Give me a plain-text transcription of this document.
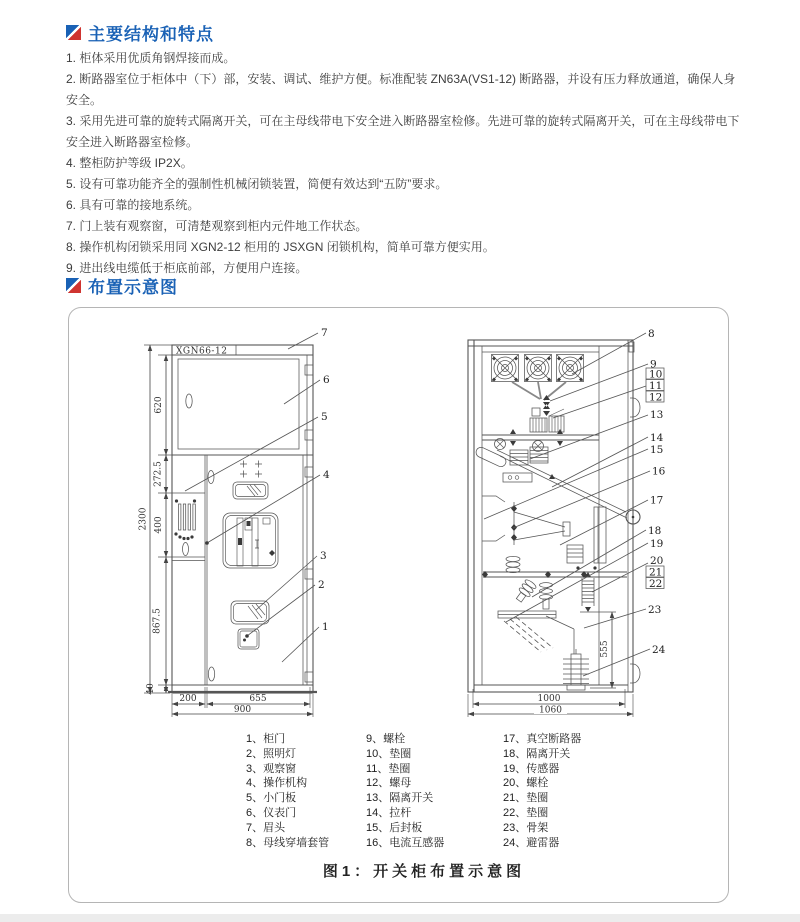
主要结构和特点
1. 柜体采用优质角钢焊接而成。
2. 断路器室位于柜体中（下）部，安装、调试、维护方便。标准配装 ZN63A(VS1-12) 断路器，并设有压力释放通道，确保人身安全。
3. 采用先进可靠的旋转式隔离开关，可在主母线带电下安全进入断路器室检修。先进可靠的旋转式隔离开关，可在主母线带电下安全进入断路器室检修。
4. 整柜防护等级 IP2X。
5. 设有可靠功能齐全的强制性机械闭锁装置，简便有效达到“五防”要求。
6. 具有可靠的接地系统。
7. 门上装有观察窗，可清楚观察到柜内元件地工作状态。
8. 操作机构闭锁采用同 XGN2-12 柜用的 JSXGN 闭锁机构，简单可靠方便实用。
9. 进出线电缆低于柜底前部，方便用户连接。
布置示意图
XGN66-12
620
272.5
400
867.5
40
2300
200	655
900
7
6
5
4
3
2
1
555
1000
1060
8
9
10
11
12
13
14
15
16
17
18
19
20
21
22
23
24
1、柜门
2、照明灯
3、观察窗
4、操作机构
5、小门板
6、仪表门
7、眉头
8、母线穿墙套管
9、螺栓
10、垫圈
11、垫圈
12、螺母
13、隔离开关
14、拉杆
15、后封板
16、电流互感器
17、真空断路器
18、隔离开关
19、传感器
20、螺栓
21、垫圈
22、垫圈
23、骨架
24、避雷器
图1：开关柜布置示意图
